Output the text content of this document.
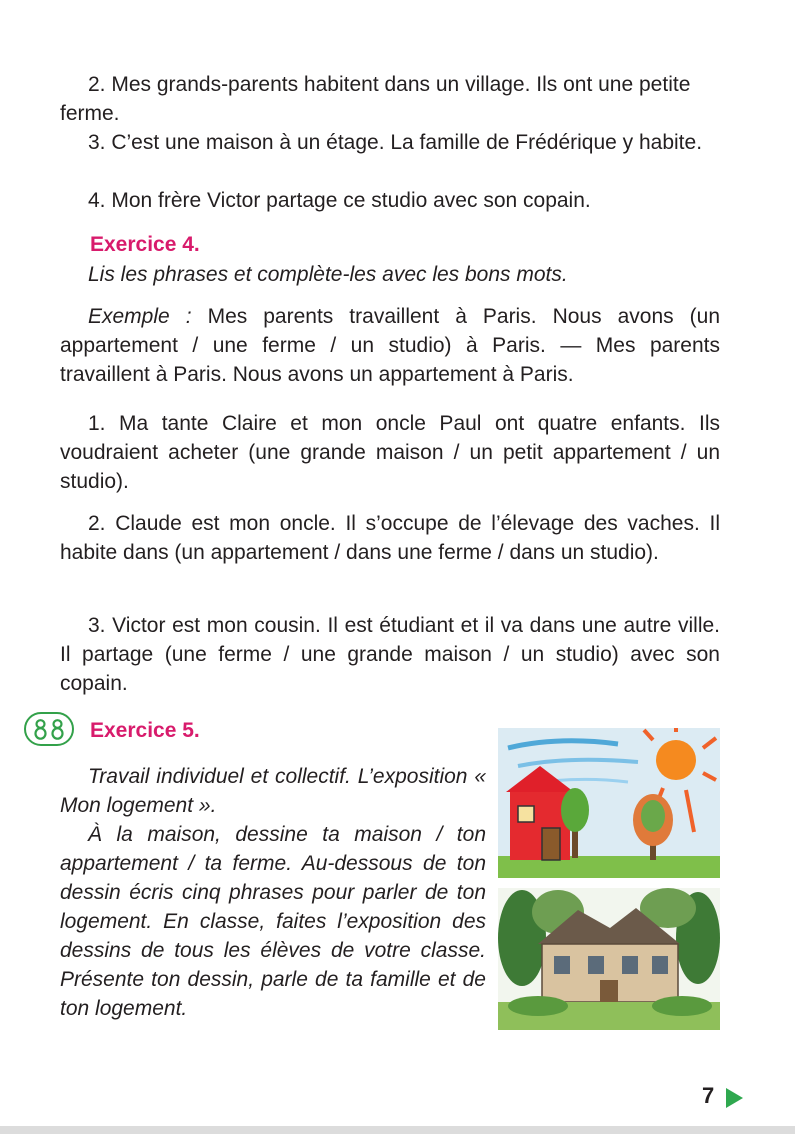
2. Mes grands-parents habitent dans un village. Ils ont une petite ferme.

3. C’est une maison à un étage. La famille de Frédérique y habite.

4. Mon frère Victor partage ce studio avec son copain.

Exercice 4.

Lis les phrases et complète-les avec les bons mots.

Exemple : Mes parents travaillent à Paris. Nous avons (un appartement / une ferme / un studio) à Paris. — Mes parents travaillent à Paris. Nous avons un appartement à Paris.

1. Ma tante Claire et mon oncle Paul ont quatre enfants. Ils voudraient acheter (une grande maison / un petit appartement / un studio).

2. Claude est mon oncle. Il s’occupe de l’élevage des vaches. Il habite dans (un appartement / dans une ferme / dans un studio).

3. Victor est mon cousin. Il est étudiant et il va dans une autre ville. Il partage (une ferme / une grande maison / un studio) avec son copain.

Exercice 5.

Travail individuel et collectif. L’exposition « Mon logement ».

À la maison, dessine ta maison / ton appartement / ta ferme. Au-dessous de ton dessin écris cinq phrases pour parler de ton logement. En classe, faites l’exposition des dessins de tous les élèves de votre classe. Présente ton dessin, parle de ta famille et de ton logement.

7
